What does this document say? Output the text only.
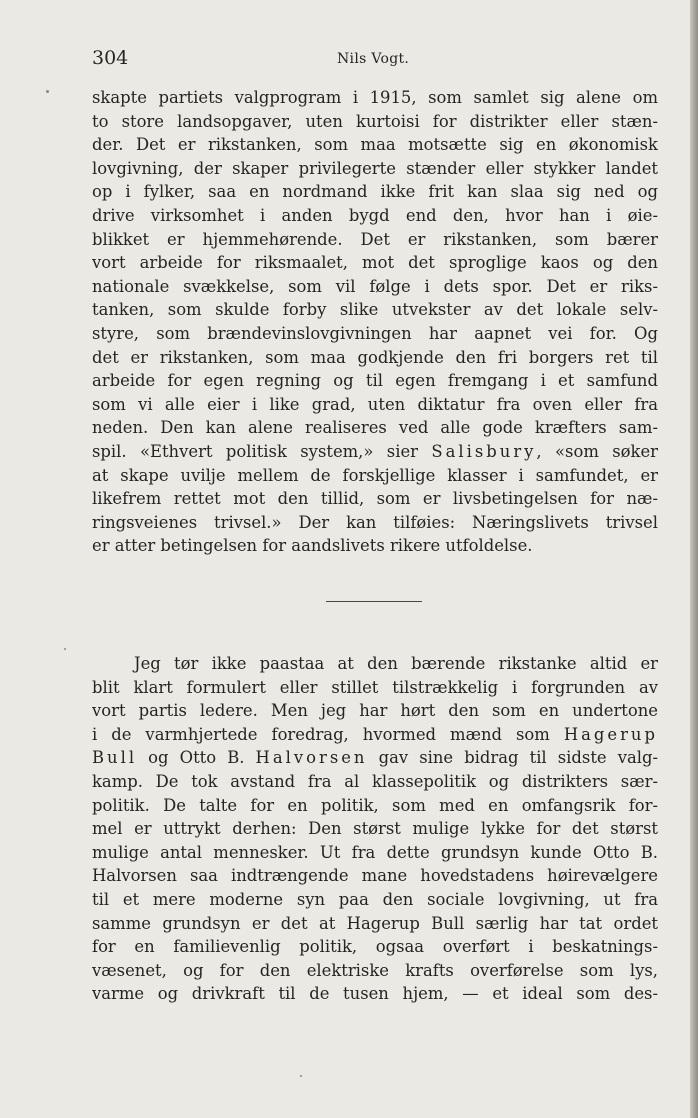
304	Nils Vogt.

skapte partiets valgprogram i 1915, som samlet sig alene om
to store landsopgaver, uten kurtoisi for distrikter eller stæn-
der. Det er rikstanken, som maa motsætte sig en økonomisk
lovgivning, der skaper privilegerte stænder eller stykker landet
op i fylker, saa en nordmand ikke frit kan slaa sig ned og
drive virksomhet i anden bygd end den, hvor han i øie-
blikket er hjemmehørende. Det er rikstanken, som bærer
vort arbeide for riksmaalet, mot det sproglige kaos og den
nationale svækkelse, som vil følge i dets spor. Det er riks-
tanken, som skulde forby slike utvekster av det lokale selv-
styre, som brændevinslovgivningen har aapnet vei for. Og
det er rikstanken, som maa godkjende den fri borgers ret til
arbeide for egen regning og til egen fremgang i et samfund
som vi alle eier i like grad, uten diktatur fra oven eller fra
neden. Den kan alene realiseres ved alle gode kræfters sam-
spil. «Ethvert politisk system,» sier Salisbury, «som søker
at skape uvilje mellem de forskjellige klasser i samfundet, er
likefrem rettet mot den tillid, som er livsbetingelsen for næ-
ringsveienes trivsel.» Der kan tilføies: Næringslivets trivsel
er atter betingelsen for aandslivets rikere utfoldelse.

Jeg tør ikke paastaa at den bærende rikstanke altid er
blit klart formulert eller stillet tilstrækkelig i forgrunden av
vort partis ledere. Men jeg har hørt den som en undertone
i de varmhjertede foredrag, hvormed mænd som Hagerup
Bull og Otto B. Halvorsen gav sine bidrag til sidste valg-
kamp. De tok avstand fra al klassepolitik og distrikters sær-
politik. De talte for en politik, som med en omfangsrik for-
mel er uttrykt derhen: Den størst mulige lykke for det størst
mulige antal mennesker. Ut fra dette grundsyn kunde Otto B.
Halvorsen saa indtrængende mane hovedstadens høirevælgere
til et mere moderne syn paa den sociale lovgivning, ut fra
samme grundsyn er det at Hagerup Bull særlig har tat ordet
for en familievenlig politik, ogsaa overført i beskatnings-
væsenet, og for den elektriske krafts overførelse som lys,
varme og drivkraft til de tusen hjem, — et ideal som des-
